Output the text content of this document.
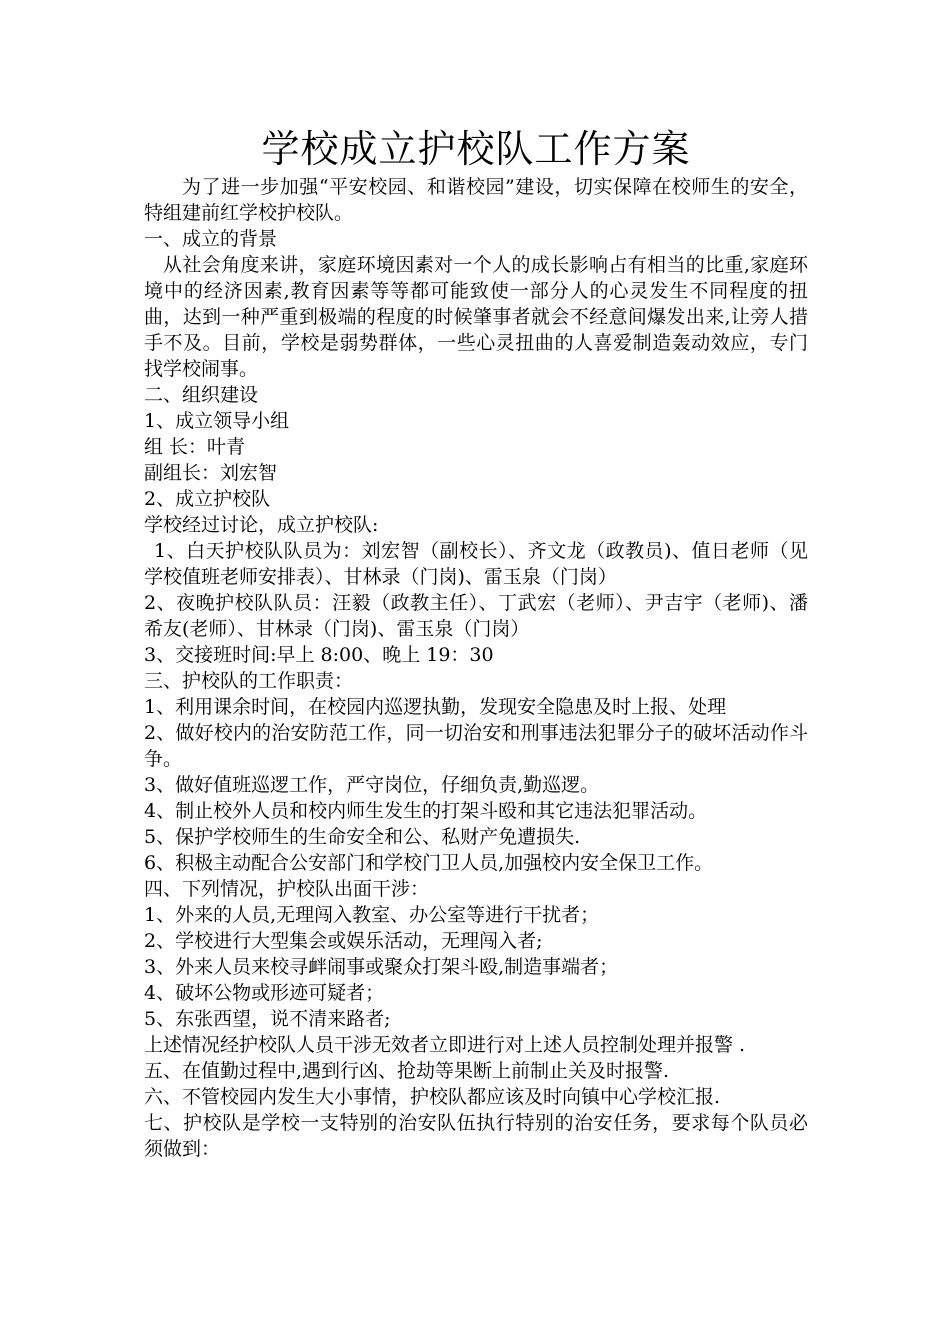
学校成立护校队工作方案

为了进一步加强“平安校园、和谐校园”建设，切实保障在校师生的安全，特组建前红学校护校队。

一、成立的背景

从社会角度来讲，家庭环境因素对一个人的成长影响占有相当的比重,家庭环境中的经济因素,教育因素等等都可能致使一部分人的心灵发生不同程度的扭曲，达到一种严重到极端的程度的时候肇事者就会不经意间爆发出来,让旁人措手不及。目前，学校是弱势群体，一些心灵扭曲的人喜爱制造轰动效应，专门找学校闹事。

二、组织建设

1、成立领导小组

组 长：叶青

副组长：刘宏智

2、成立护校队

学校经过讨论，成立护校队:

1、白天护校队队员为：刘宏智（副校长）、齐文龙（政教员)、值日老师（见学校值班老师安排表）、甘林录（门岗)、雷玉泉（门岗）

2、夜晚护校队队员：汪毅（政教主任）、丁武宏（老师）、尹吉宇（老师)、潘希友(老师）、甘林录（门岗)、雷玉泉（门岗）

3、交接班时间:早上 8:00、晚上 19：30

三、护校队的工作职责：

1、利用课余时间，在校园内巡逻执勤，发现安全隐患及时上报、处理

2、做好校内的治安防范工作，同一切治安和刑事违法犯罪分子的破坏活动作斗争。

3、做好值班巡逻工作，严守岗位，仔细负责,勤巡逻。

4、制止校外人员和校内师生发生的打架斗殴和其它违法犯罪活动。

5、保护学校师生的生命安全和公、私财产免遭损失.

6、积极主动配合公安部门和学校门卫人员,加强校内安全保卫工作。

四、下列情况，护校队出面干涉：

1、外来的人员,无理闯入教室、办公室等进行干扰者；

2、学校进行大型集会或娱乐活动，无理闯入者;

3、外来人员来校寻衅闹事或聚众打架斗殴,制造事端者；

4、破坏公物或形迹可疑者；

5、东张西望，说不清来路者;

上述情况经护校队人员干涉无效者立即进行对上述人员控制处理并报警 .

五、在值勤过程中,遇到行凶、抢劫等果断上前制止关及时报警.

六、不管校园内发生大小事情，护校队都应该及时向镇中心学校汇报.

七、护校队是学校一支特别的治安队伍执行特别的治安任务，要求每个队员必须做到：
